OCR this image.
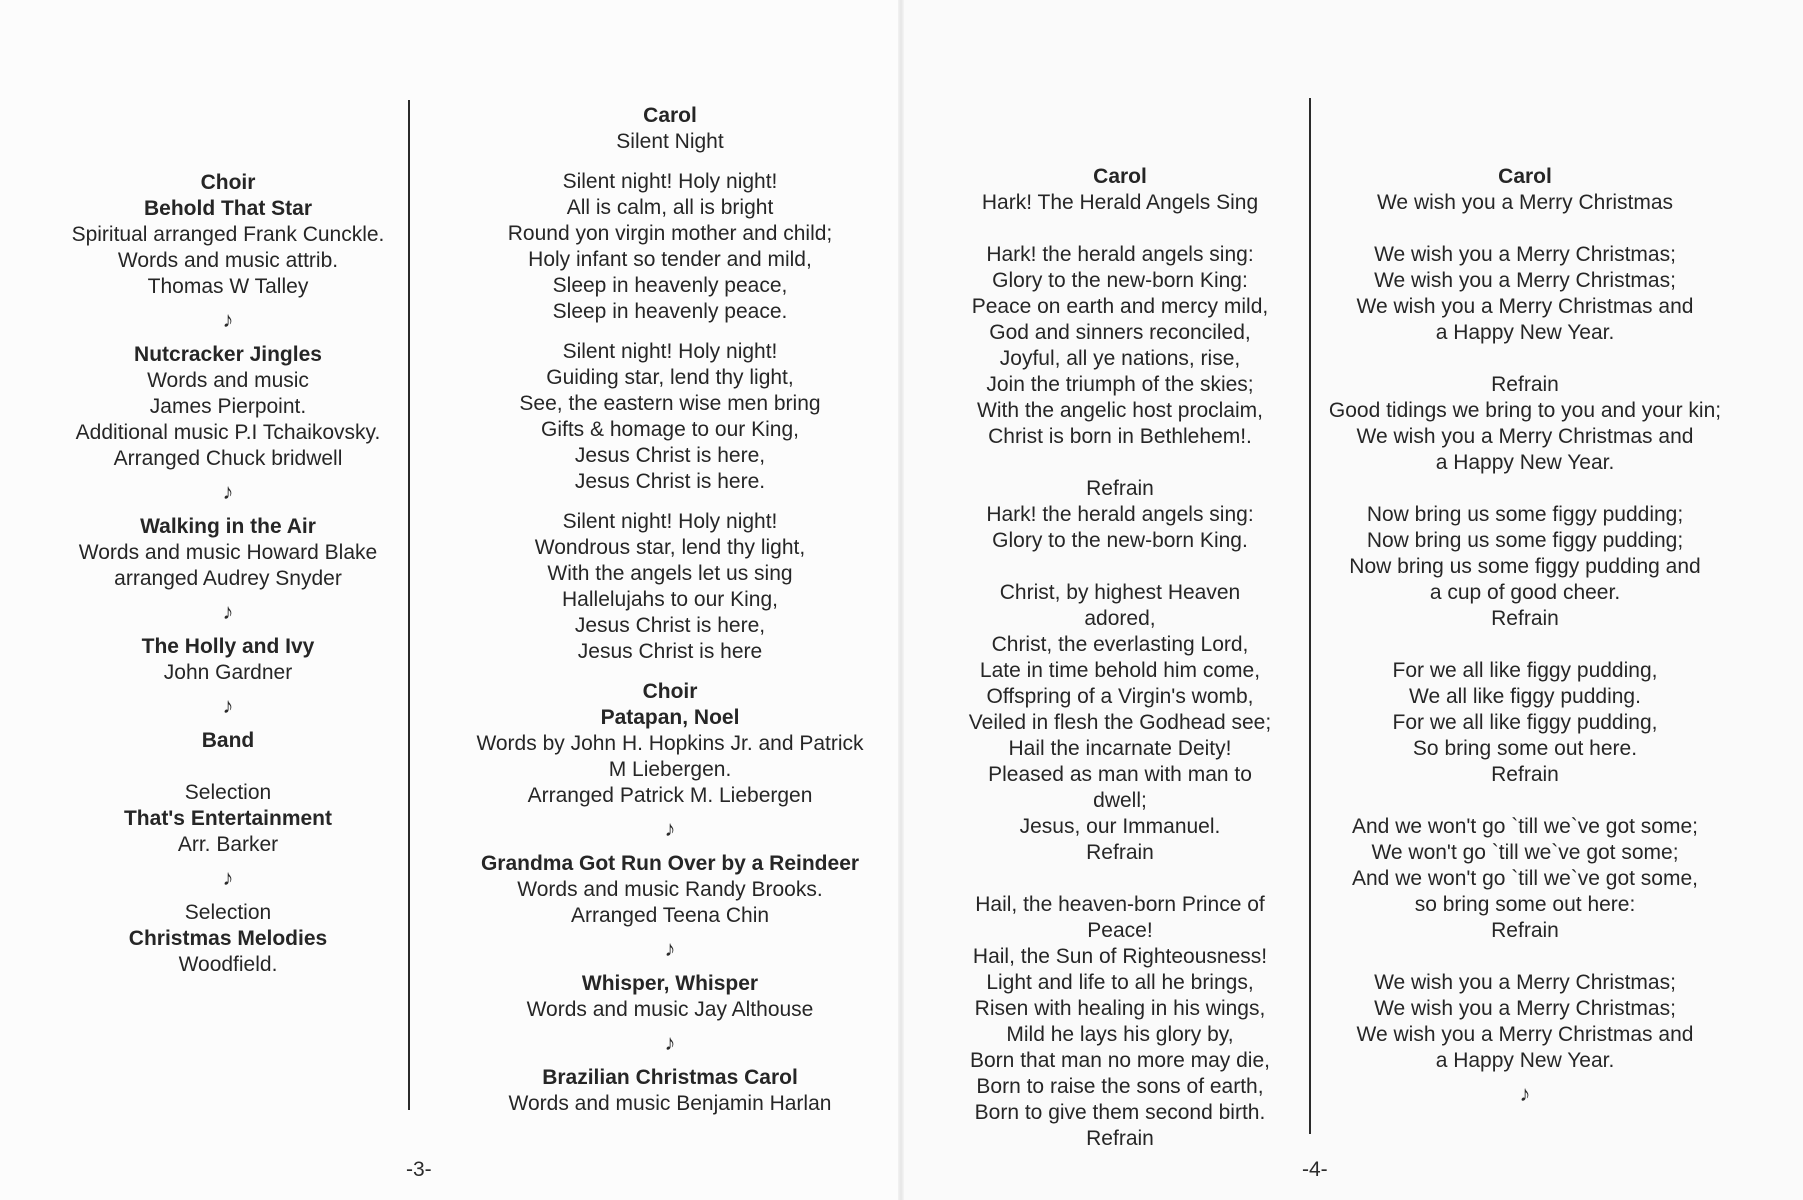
Choir
Behold That Star
Spiritual arranged Frank Cunckle.
Words and music attrib.
Thomas W Talley
♪
Nutcracker Jingles
Words and music
James Pierpoint.
Additional music P.I Tchaikovsky.
Arranged Chuck bridwell
♪
Walking in the Air
Words and music Howard Blake
arranged Audrey Snyder
♪
The Holly and Ivy
John Gardner
♪
Band
Selection
That's Entertainment
Arr. Barker
♪
Selection
Christmas Melodies
Woodfield.
Carol
Silent Night
Silent night! Holy night!
All is calm, all is bright
Round yon virgin mother and child;
Holy infant so tender and mild,
Sleep in heavenly peace,
Sleep in heavenly peace.
Silent night! Holy night!
Guiding star, lend thy light,
See, the eastern wise men bring
Gifts & homage to our King,
Jesus Christ is here,
Jesus Christ is here.
Silent night! Holy night!
Wondrous star, lend thy light,
With the angels let us sing
Hallelujahs to our King,
Jesus Christ is here,
Jesus Christ is here
Choir
Patapan, Noel
Words by John H. Hopkins Jr. and Patrick
M Liebergen.
Arranged Patrick M. Liebergen
♪
Grandma Got Run Over by a Reindeer
Words and music Randy Brooks.
Arranged Teena Chin
♪
Whisper, Whisper
Words and music Jay Althouse
♪
Brazilian Christmas Carol
Words and music Benjamin Harlan
-3-
Carol
Hark! The Herald Angels Sing
Hark! the herald angels sing:
Glory to the new-born King:
Peace on earth and mercy mild,
God and sinners reconciled,
Joyful, all ye nations, rise,
Join the triumph of the skies;
With the angelic host proclaim,
Christ is born in Bethlehem!.
Refrain
Hark! the herald angels sing:
Glory to the new-born King.
Christ, by highest Heaven
adored,
Christ, the everlasting Lord,
Late in time behold him come,
Offspring of a Virgin's womb,
Veiled in flesh the Godhead see;
Hail the incarnate Deity!
Pleased as man with man to
dwell;
Jesus, our Immanuel.
Refrain
Hail, the heaven-born Prince of
Peace!
Hail, the Sun of Righteousness!
Light and life to all he brings,
Risen with healing in his wings,
Mild he lays his glory by,
Born that man no more may die,
Born to raise the sons of earth,
Born to give them second birth.
Refrain
Carol
We wish you a Merry Christmas
We wish you a Merry Christmas;
We wish you a Merry Christmas;
We wish you a Merry Christmas and
a Happy New Year.
Refrain
Good tidings we bring to you and your kin;
We wish you a Merry Christmas and
a Happy New Year.
Now bring us some figgy pudding;
Now bring us some figgy pudding;
Now bring us some figgy pudding and
a cup of good cheer.
Refrain
For we all like figgy pudding,
We all like figgy pudding.
For we all like figgy pudding,
So bring some out here.
Refrain
And we won't go `till we`ve got some;
We won't go `till we`ve got some;
And we won't go `till we`ve got some,
so bring some out here:
Refrain
We wish you a Merry Christmas;
We wish you a Merry Christmas;
We wish you a Merry Christmas and
a Happy New Year.
♪
-4-
